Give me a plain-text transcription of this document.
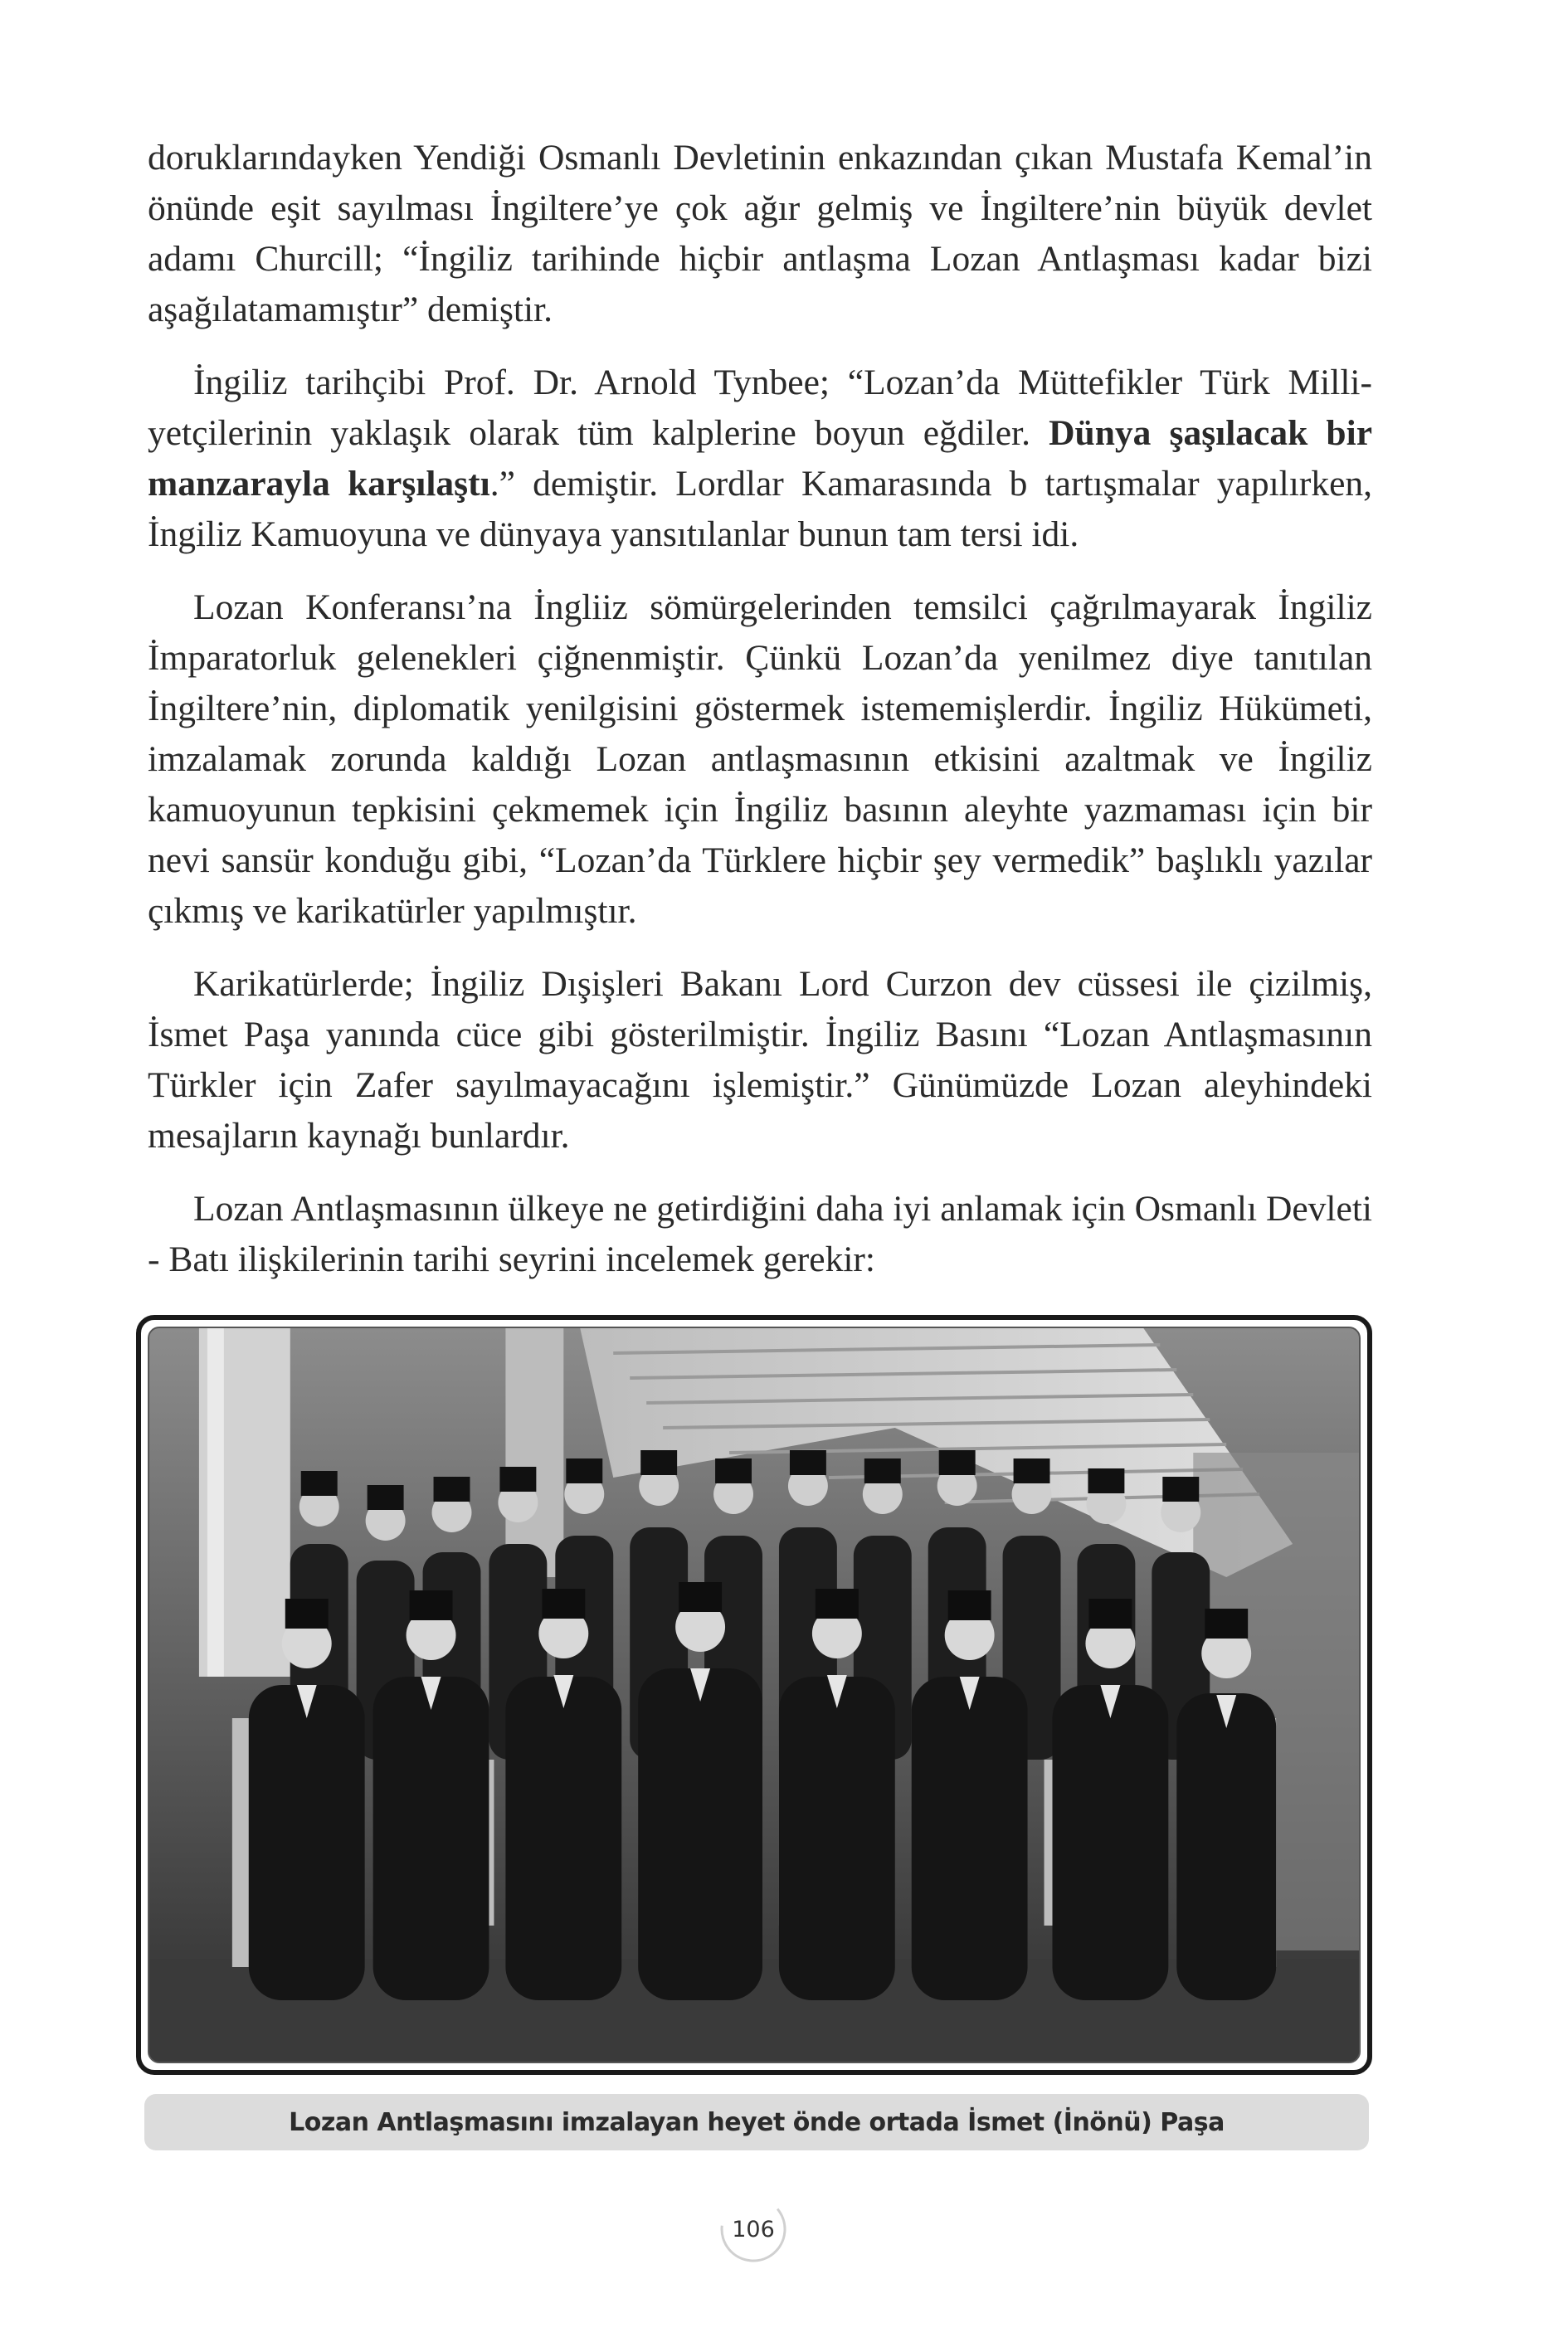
doruklarındayken Yendiği Osmanlı Devletinin enkazından çıkan Mustafa Kemal’in önünde eşit sayılması İngiltere’ye çok ağır gelmiş ve İngiltere’nin büyük devlet adamı Churcill; “İngiliz tarihinde hiçbir antlaşma Lozan Antlaşması kadar bizi aşağılatamamıştır” demiştir.

İngiliz tarihçibi Prof. Dr. Arnold Tynbee; “Lozan’da Müttefikler Türk Milliyetçilerinin yaklaşık olarak tüm kalplerine boyun eğdiler. Dünya şaşılacak bir manzarayla karşılaştı.” demiştir. Lordlar Kamarasında b tartışmalar yapılırken, İngiliz Kamuoyuna ve dünyaya yansıtılanlar bunun tam tersi idi.

Lozan Konferansı’na İngliiz sömürgelerinden temsilci çağrılmayarak İngiliz İmparatorluk gelenekleri çiğnenmiştir. Çünkü Lozan’da yenilmez diye tanıtılan İngiltere’nin, diplomatik yenilgisini göstermek istememişlerdir. İngiliz Hükümeti, imzalamak zorunda kaldığı Lozan antlaşmasının etkisini azaltmak ve İngiliz kamuoyunun tepkisini çekmemek için İngiliz basının aleyhte yazmaması için bir nevi sansür konduğu gibi, “Lozan’da Türklere hiçbir şey vermedik” başlıklı yazılar çıkmış ve karikatürler yapılmıştır.

Karikatürlerde; İngiliz Dışişleri Bakanı Lord Curzon dev cüssesi ile çizilmiş, İsmet Paşa yanında cüce gibi gösterilmiştir. İngiliz Basını “Lozan Antlaşmasının Türkler için Zafer sayılmayacağını işlemiştir.” Günümüzde Lozan aleyhindeki mesajların kaynağı bunlardır.

Lozan Antlaşmasının ülkeye ne getirdiğini daha iyi anlamak için Osmanlı Devleti - Batı ilişkilerinin tarihi seyrini incelemek gerekir:

Lozan Antlaşmasını imzalayan heyet önde ortada İsmet (İnönü) Paşa
106
